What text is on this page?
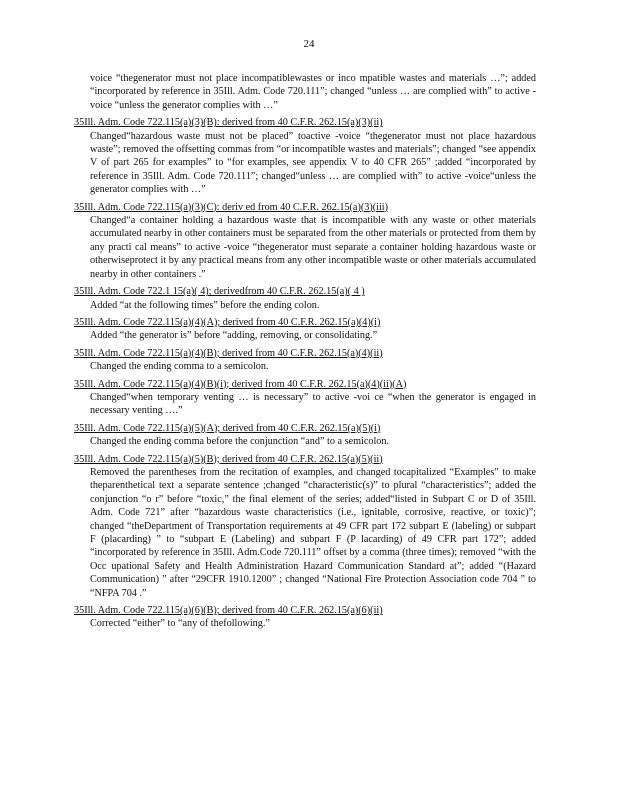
24
voice “thegenerator must not place incompatiblewastes or inco mpatible wastes and materials …”; added “incorporated by reference in 35Ill. Adm. Code 720.111”; changed “unless … are complied with” to active -voice “unless the generator complies with …”
35Ill. Adm. Code 722.115(a)(3)(B): derived from 40 C.F.R. 262.15(a)(3)(ii)
Changed“hazardous waste must not be placed” toactive -voice “thegenerator must not place hazardous waste”; removed the offsetting commas from “or incompatible wastes and materials”; changed “see appendix V of part 265 for examples” to “for examples, see appendix V to 40 CFR 265” ;added “incorporated by reference in 35Ill. Adm. Code 720.111”; changed“unless … are complied with” to active -voice“unless the generator complies with …”
35Ill. Adm. Code 722.115(a)(3)(C): deriv ed from 40 C.F.R. 262.15(a)(3)(iii)
Changed“a container holding a hazardous waste that is incompatible with any waste or other materials accumulated nearby in other containers must be separated from the other materials or protected from them by any practi cal means” to active -voice “thegenerator must separate a container holding hazardous waste or otherwiseprotect it by any practical means from any other incompatible waste or other materials accumulated nearby in other containers .”
35Ill. Adm. Code 722.1 15(a)( 4); derivedfrom 40 C.F.R. 262.15(a)( 4 )
Added “at the following times” before the ending colon.
35Ill. Adm. Code 722.115(a)(4)(A); derived from 40 C.F.R. 262.15(a)(4)(i)
Added “the generator is” before “adding, removing, or consolidating.”
35Ill. Adm. Code 722.115(a)(4)(B); derived from 40 C.F.R. 262.15(a)(4)(ii)
Changed the ending comma to a semicolon.
35Ill. Adm. Code 722.115(a)(4)(B)(i); derived from 40 C.F.R. 262.15(a)(4)(ii)(A)
Changed“when temporary venting … is necessary” to active -voi ce “when the generator is engaged in necessary venting ….”
35Ill. Adm. Code 722.115(a)(5)(A); derived from 40 C.F.R. 262.15(a)(5)(i)
Changed the ending comma before the conjunction “and” to a semicolon.
35Ill. Adm. Code 722.115(a)(5)(B); derived from 40 C.F.R. 262.15(a)(5)(ii)
Removed the parentheses from the recitation of examples, and changed tocapitalized “Examples” to make theparenthetical text a separate sentence ;changed “characteristic(s)” to plural “characteristics”; added the conjunction “o r” before “toxic,” the final element of the series; added“listed in Subpart C or D of 35Ill. Adm. Code 721” after “hazardous waste characteristics (i.e., ignitable, corrosive, reactive, or toxic)”; changed “theDepartment of Transportation requirements at 49 CFR part 172 subpart E (labeling) or subpart F (placarding) ” to “subpart E (Labeling) and subpart F (P lacarding) of 49 CFR part 172”; added “incorporated by reference in 35Ill. Adm.Code 720.111” offset by a comma (three times); removed “with the Occ upational Safety and Health Administration Hazard Communication Standard at”; added “(Hazard Communication) ” after “29CFR 1910.1200” ; changed “National Fire Protection Association code 704 ” to “NFPA 704 .”
35Ill. Adm. Code 722.115(a)(6)(B); derived from 40 C.F.R. 262.15(a)(6)(ii)
Corrected “either” to “any of thefollowing.”
